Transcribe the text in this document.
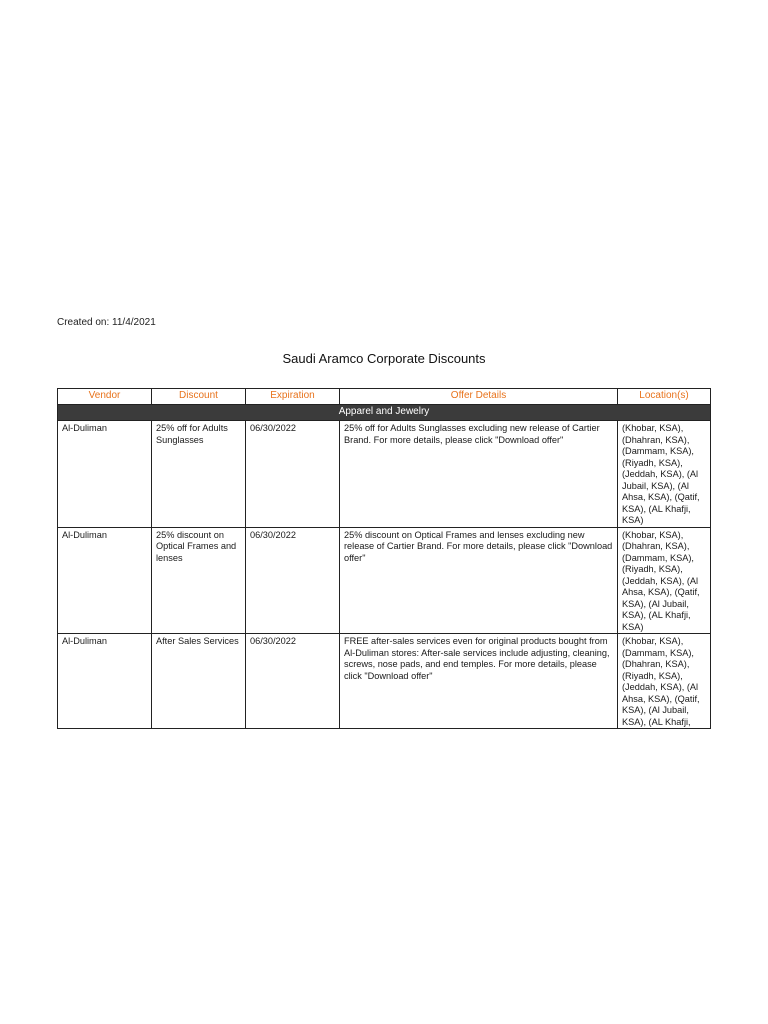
Created on: 11/4/2021
Saudi Aramco Corporate Discounts
Vendor	Discount	Expiration	Offer Details	Location(s)
Apparel and Jewelry				
Al-Duliman	25% off for Adults Sunglasses	06/30/2022	25% off for Adults Sunglasses excluding new release of Cartier Brand. For more details, please click "Download offer"	(Khobar, KSA), (Dhahran, KSA), (Dammam, KSA), (Riyadh, KSA), (Jeddah, KSA), (Al Jubail, KSA), (Al Ahsa, KSA), (Qatif, KSA), (AL Khafji, KSA)
Al-Duliman	25% discount on Optical Frames and lenses	06/30/2022	25% discount on Optical Frames and lenses excluding new release of Cartier Brand. For more details, please click "Download offer"	(Khobar, KSA), (Dhahran, KSA), (Dammam, KSA), (Riyadh, KSA), (Jeddah, KSA), (Al Ahsa, KSA), (Qatif, KSA), (Al Jubail, KSA), (AL Khafji, KSA)
Al-Duliman	After Sales Services	06/30/2022	FREE after-sales services even for original products bought from Al-Duliman stores: After-sale services include adjusting, cleaning, screws, nose pads, and end temples. For more details, please click "Download offer"	(Khobar, KSA), (Dammam, KSA), (Dhahran, KSA), (Riyadh, KSA), (Jeddah, KSA), (Al Ahsa, KSA), (Qatif, KSA), (Al Jubail, KSA), (AL Khafji,
